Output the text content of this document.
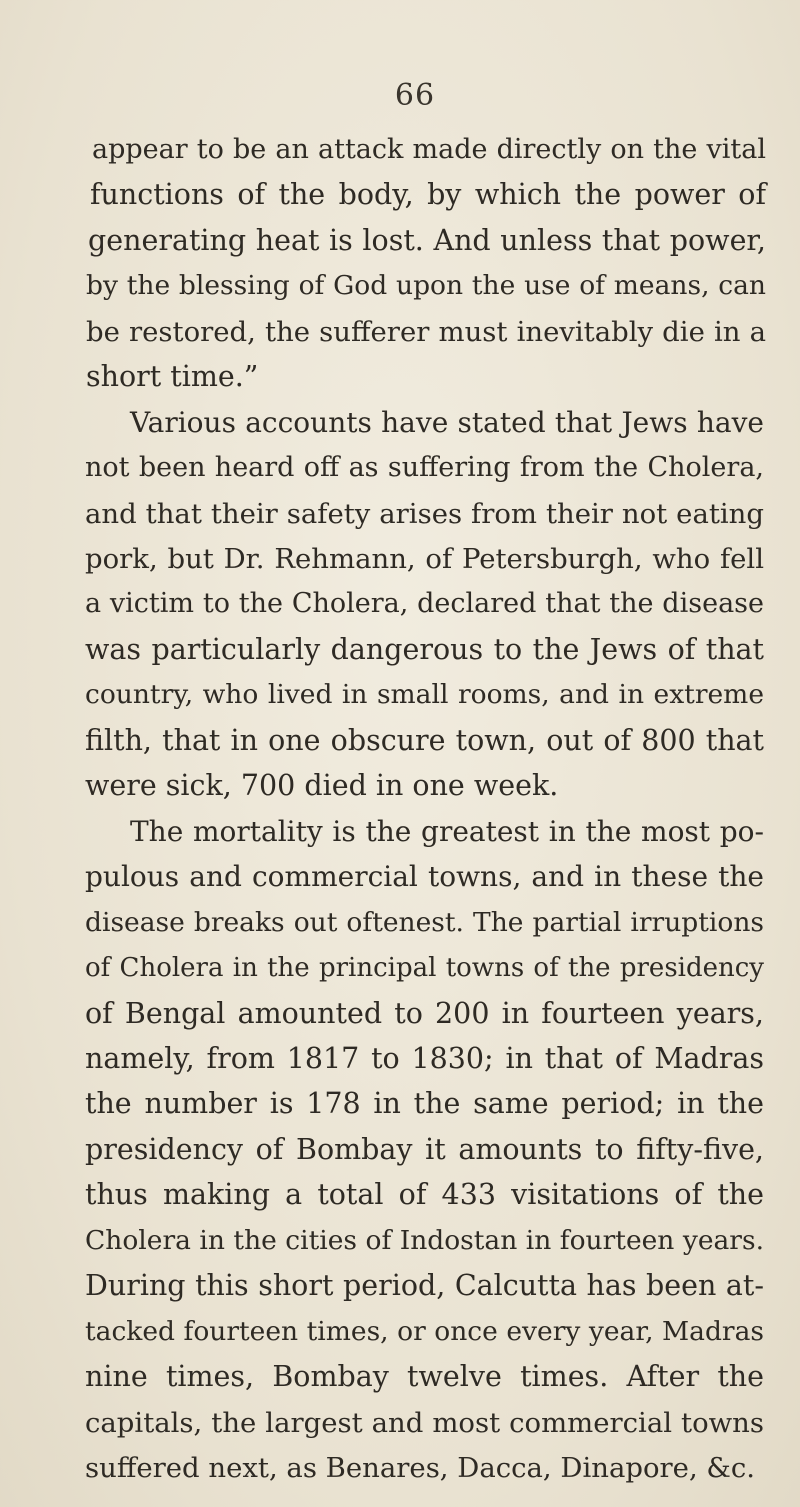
66
appear to be an attack made directly on the vital
functions of the body, by which the power of
generating heat is lost. And unless that power,
by the blessing of God upon the use of means, can
be restored, the sufferer must inevitably die in a
short time.”
Various accounts have stated that Jews have
not been heard off as suffering from the Cholera,
and that their safety arises from their not eating
pork, but Dr. Rehmann, of Petersburgh, who fell
a victim to the Cholera, declared that the disease
was particularly dangerous to the Jews of that
country, who lived in small rooms, and in extreme
filth, that in one obscure town, out of 800 that
were sick, 700 died in one week.
The mortality is the greatest in the most po-
pulous and commercial towns, and in these the
disease breaks out oftenest. The partial irruptions
of Cholera in the principal towns of the presidency
of Bengal amounted to 200 in fourteen years,
namely, from 1817 to 1830; in that of Madras
the number is 178 in the same period; in the
presidency of Bombay it amounts to fifty-five,
thus making a total of 433 visitations of the
Cholera in the cities of Indostan in fourteen years.
During this short period, Calcutta has been at-
tacked fourteen times, or once every year, Madras
nine times, Bombay twelve times. After the
capitals, the largest and most commercial towns
suffered next, as Benares, Dacca, Dinapore, &c.
